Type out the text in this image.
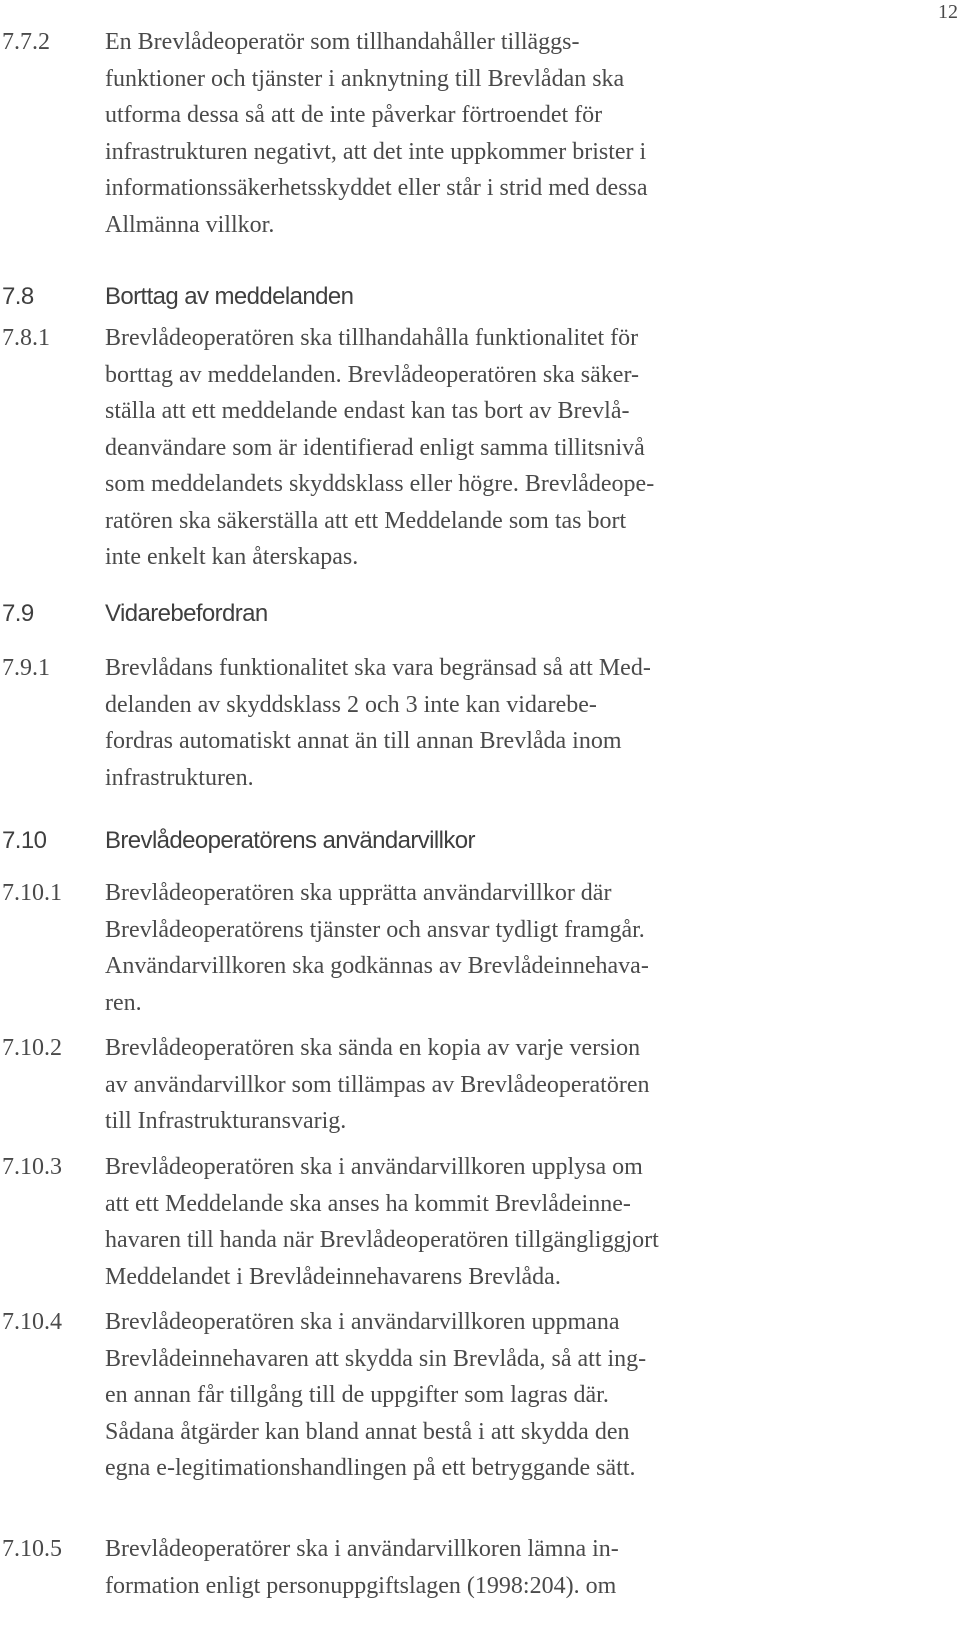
12
7.7.2 En Brevlådeoperatör som tillhandahåller tilläggs-
funktioner och tjänster i anknytning till Brevlådan ska
utforma dessa så att de inte påverkar förtroendet för
infrastrukturen negativt, att det inte uppkommer brister i
informationssäkerhetsskyddet eller står i strid med dessa
Allmänna villkor.
7.8	Borttag av meddelanden
7.8.1 Brevlådeoperatören ska tillhandahålla funktionalitet för
borttag av meddelanden. Brevlådeoperatören ska säker-
ställa att ett meddelande endast kan tas bort av Brevlå-
deanvändare som är identifierad enligt samma tillitsnivå
som meddelandets skyddsklass eller högre. Brevlådeope-
ratören ska säkerställa att ett Meddelande som tas bort
inte enkelt kan återskapas.
7.9	Vidarebefordran
7.9.1 Brevlådans funktionalitet ska vara begränsad så att Med-
delanden av skyddsklass 2 och 3 inte kan vidarebe-
fordras automatiskt annat än till annan Brevlåda inom
infrastrukturen.
7.10 Brevlådeoperatörens användarvillkor
7.10.1 Brevlådeoperatören ska upprätta användarvillkor där
Brevlådeoperatörens tjänster och ansvar tydligt framgår.
Användarvillkoren ska godkännas av Brevlådeinnehava-
ren.
7.10.2 Brevlådeoperatören ska sända en kopia av varje version
av användarvillkor som tillämpas av Brevlådeoperatören
till Infrastrukturansvarig.
7.10.3 Brevlådeoperatören ska i användarvillkoren upplysa om
att ett Meddelande ska anses ha kommit Brevlådeinne-
havaren till handa när Brevlådeoperatören tillgängliggjort
Meddelandet i Brevlådeinnehavarens Brevlåda.
7.10.4 Brevlådeoperatören ska i användarvillkoren uppmana
Brevlådeinnehavaren att skydda sin Brevlåda, så att ing-
en annan får tillgång till de uppgifter som lagras där.
Sådana åtgärder kan bland annat bestå i att skydda den
egna e-legitimationshandlingen på ett betryggande sätt.
7.10.5 Brevlådeoperatörer ska i användarvillkoren lämna in-
formation enligt personuppgiftslagen (1998:204). om
